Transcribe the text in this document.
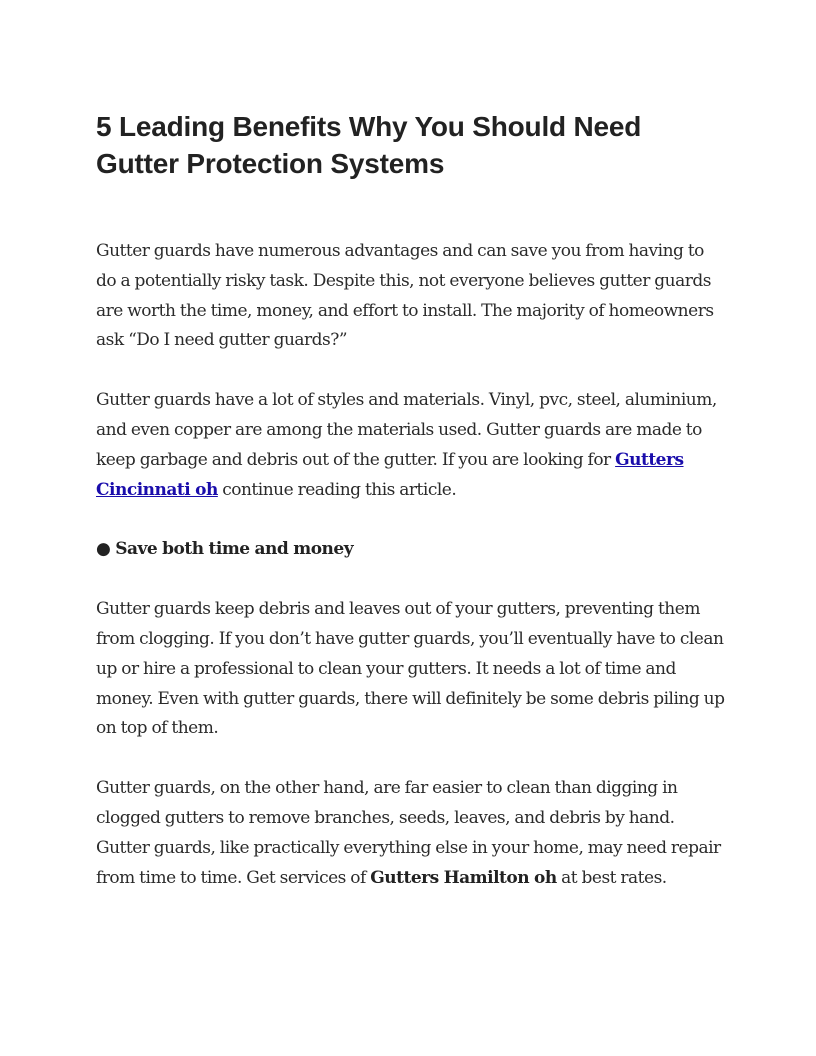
5 Leading Benefits Why You Should Need Gutter Protection Systems

Gutter guards have numerous advantages and can save you from having to do a potentially risky task. Despite this, not everyone believes gutter guards are worth the time, money, and effort to install. The majority of homeowners ask “Do I need gutter guards?”

Gutter guards have a lot of styles and materials. Vinyl, pvc, steel, aluminium, and even copper are among the materials used. Gutter guards are made to keep garbage and debris out of the gutter. If you are looking for Gutters Cincinnati oh continue reading this article.

● Save both time and money

Gutter guards keep debris and leaves out of your gutters, preventing them from clogging. If you don’t have gutter guards, you’ll eventually have to clean up or hire a professional to clean your gutters. It needs a lot of time and money. Even with gutter guards, there will definitely be some debris piling up on top of them.

Gutter guards, on the other hand, are far easier to clean than digging in clogged gutters to remove branches, seeds, leaves, and debris by hand. Gutter guards, like practically everything else in your home, may need repair from time to time. Get services of Gutters Hamilton oh at best rates.
